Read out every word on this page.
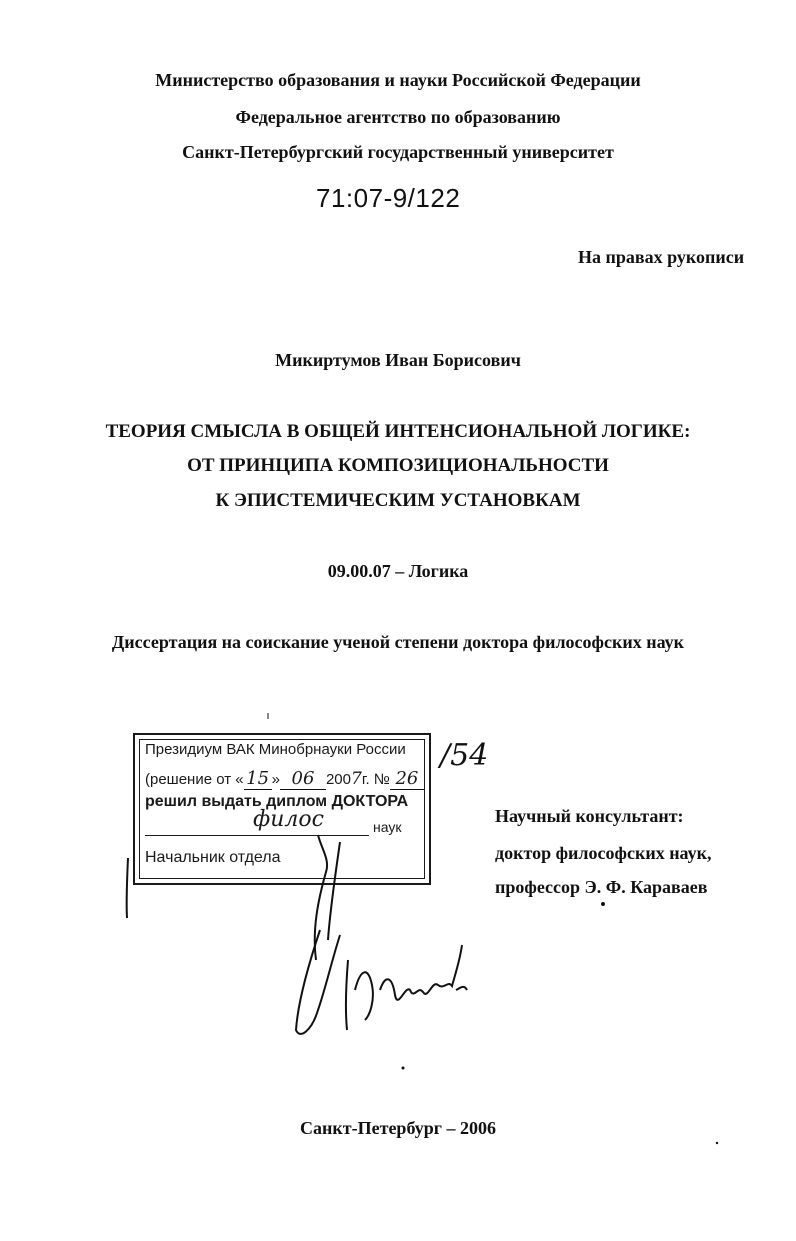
Министерство образования и науки Российской Федерации
Федеральное агентство по образованию
Санкт-Петербургский государственный университет
71:07-9/122
На правах рукописи
Микиртумов Иван Борисович
ТЕОРИЯ СМЫСЛА В ОБЩЕЙ ИНТЕНСИОНАЛЬНОЙ ЛОГИКЕ:
ОТ ПРИНЦИПА КОМПОЗИЦИОНАЛЬНОСТИ
К ЭПИСТЕМИЧЕСКИМ УСТАНОВКАМ
09.00.07 – Логика
Диссертация на соискание ученой степени доктора философских наук
Президиум ВАК Минобрнауки России
(решение от « 15 » 06 2007г. № 26
решил выдать диплом ДОКТОРА
филос	наук
Начальник отдела
/54
Научный консультант:
доктор философских наук,
профессор Э. Ф. Караваев
Санкт-Петербург – 2006
